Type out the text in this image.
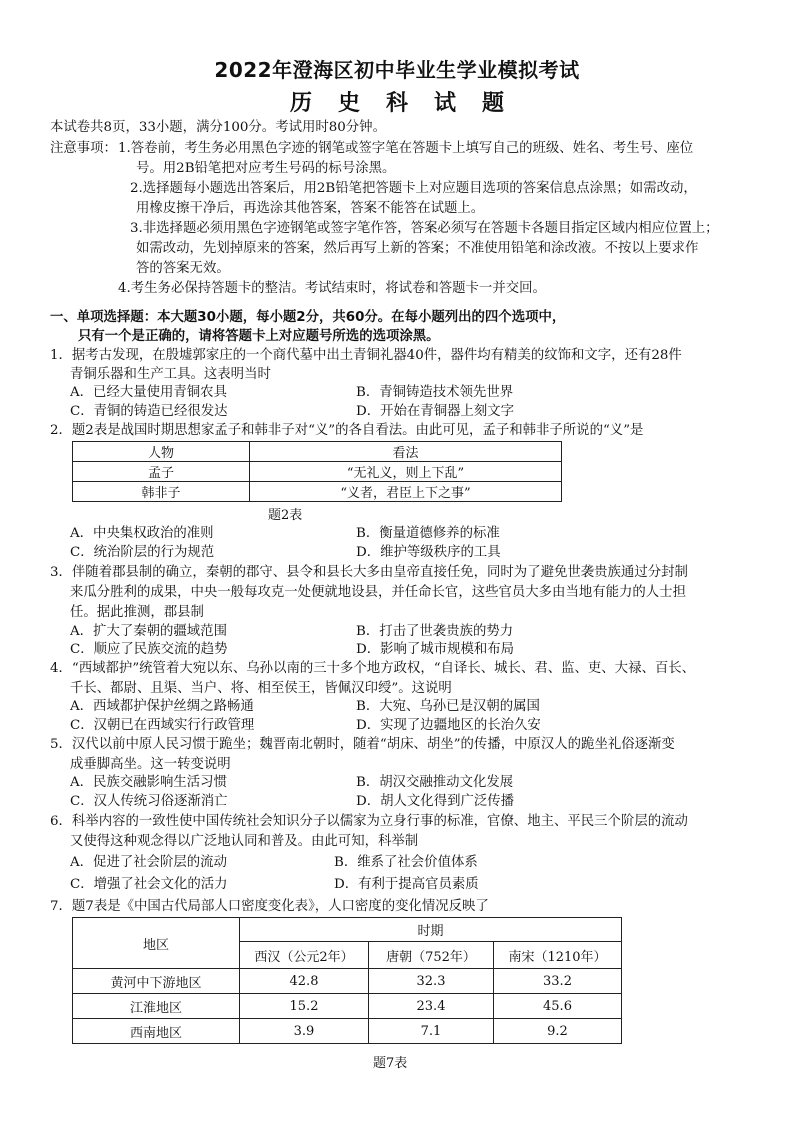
2022年澄海区初中毕业生学业模拟考试
历史科试题
本试卷共8页，33小题，满分100分。考试用时80分钟。
注意事项： 1.答卷前，考生务必用黑色字迹的钢笔或签字笔在答题卡上填写自己的班级、姓名、考生号、座位
号。用2B铅笔把对应考生号码的标号涂黑。
2.选择题每小题选出答案后，用2B铅笔把答题卡上对应题目选项的答案信息点涂黑；如需改动，
用橡皮擦干净后，再选涂其他答案，答案不能答在试题上。
3.非选择题必须用黑色字迹钢笔或签字笔作答，答案必须写在答题卡各题目指定区域内相应位置上；
如需改动，先划掉原来的答案，然后再写上新的答案；不准使用铅笔和涂改液。不按以上要求作
答的答案无效。
4.考生务必保持答题卡的整洁。考试结束时，将试卷和答题卡一并交回。
一、单项选择题：本大题30小题，每小题2分，共60分。在每小题列出的四个选项中，
只有一个是正确的，请将答题卡上对应题号所选的选项涂黑。
1．据考古发现，在殷墟郭家庄的一个商代墓中出土青铜礼器40件，器件均有精美的纹饰和文字，还有28件
青铜乐器和生产工具。这表明当时
A．已经大量使用青铜农具	B．青铜铸造技术领先世界
C．青铜的铸造已经很发达	D．开始在青铜器上刻文字
2．题2表是战国时期思想家孟子和韩非子对“义”的各自看法。由此可见，孟子和韩非子所说的“义”是
人物	看法
孟子	“无礼义，则上下乱”
韩非子	“义者，君臣上下之事”
题2表
A．中央集权政治的准则	B．衡量道德修养的标准
C．统治阶层的行为规范	D．维护等级秩序的工具
3．伴随着郡县制的确立，秦朝的郡守、县令和县长大多由皇帝直接任免，同时为了避免世袭贵族通过分封制
来瓜分胜利的成果，中央一般每攻克一处便就地设县，并任命长官，这些官员大多由当地有能力的人士担
任。据此推测，郡县制
A．扩大了秦朝的疆域范围	B．打击了世袭贵族的势力
C．顺应了民族交流的趋势	D．影响了城市规模和布局
4．“西域都护”统管着大宛以东、乌孙以南的三十多个地方政权，“自译长、城长、君、监、吏、大禄、百长、
千长、都尉、且渠、当户、将、相至侯王，皆佩汉印绶”。这说明
A．西域都护保护丝绸之路畅通	B．大宛、乌孙已是汉朝的属国
C．汉朝已在西域实行行政管理	D．实现了边疆地区的长治久安
5．汉代以前中原人民习惯于跪坐；魏晋南北朝时，随着“胡床、胡坐”的传播，中原汉人的跪坐礼俗逐渐变
成垂脚高坐。这一转变说明
A．民族交融影响生活习惯	B．胡汉交融推动文化发展
C．汉人传统习俗逐渐消亡	D．胡人文化得到广泛传播
6．科举内容的一致性使中国传统社会知识分子以儒家为立身行事的标准，官僚、地主、平民三个阶层的流动
又使得这种观念得以广泛地认同和普及。由此可知，科举制
A．促进了社会阶层的流动	B．维系了社会价值体系
C．增强了社会文化的活力	D．有利于提高官员素质
7．题7表是《中国古代局部人口密度变化表》，人口密度的变化情况反映了
地区	时期		
	西汉（公元2年）	唐朝（752年）	南宋（1210年）
黄河中下游地区	42.8	32.3	33.2
江淮地区	15.2	23.4	45.6
西南地区	3.9	7.1	9.2
题7表
